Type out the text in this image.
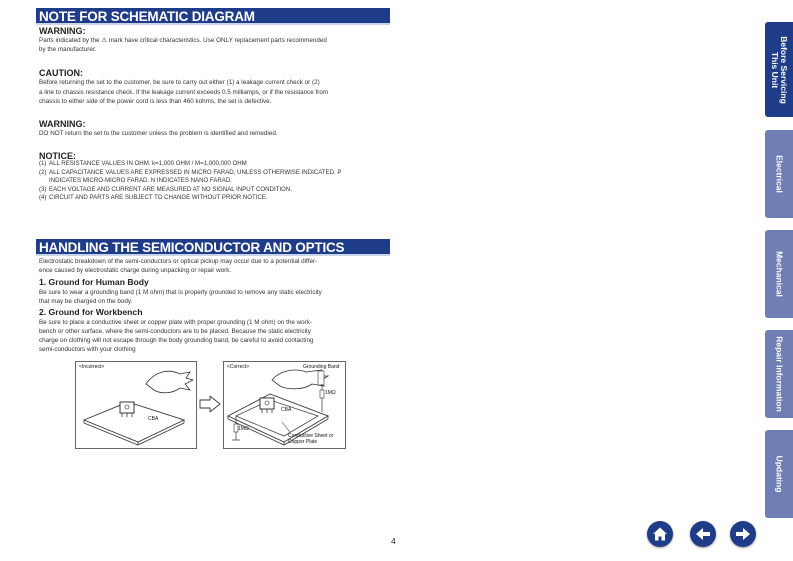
NOTE FOR SCHEMATIC DIAGRAM
WARNING:
Parts indicated by the ⚠ mark have critical characteristics. Use ONLY replacement parts recommended
by the manufacturer.
CAUTION:
Before returning the set to the customer, be sure to carry out either (1) a leakage current check or (2)
a line to chassis resistance check. If the leakage current exceeds 0.5 milliamps, or if the resistance from
chassis to either side of the power cord is less than 460 kohms, the set is defective.
WARNING:
DO NOT return the set to the customer unless the problem is identified and remedied.
NOTICE:
(1) ALL RESISTANCE VALUES IN OHM. k=1,000 OHM / M=1,000,000 OHM
(2) ALL CAPACITANCE VALUES ARE EXPRESSED IN MICRO FARAD, UNLESS OTHERWISE INDICATED. P
INDICATES MICRO-MICRO FARAD. N INDICATES NANO FARAD.
(3) EACH VOLTAGE AND CURRENT ARE MEASURED AT NO SIGNAL INPUT CONDITION.
(4) CIRCUIT AND PARTS ARE SUBJECT TO CHANGE WITHOUT PRIOR NOTICE.
HANDLING THE SEMICONDUCTOR AND OPTICS
Electrostatic breakdown of the semi-conductors or optical pickup may occur due to a potential differ-
ence caused by electrostatic charge during unpacking or repair work.
1. Ground for Human Body
Be sure to wear a grounding band (1 M ohm) that is properly grounded to remove any static electricity
that may be charged on the body.
2. Ground for Workbench
Be sure to place a conductive sheet or copper plate with proper grounding (1 M ohm) on the work-
bench or other surface, where the semi-conductors are to be placed. Because the static electricity
charge on clothing will not escape through the body grounding band, be careful to avoid contacting
semi-conductors with your clothing
<Incorrect>
CBA
<Correct>	Grounding Band
CBA
1MΩ
1MΩ
Conductive Sheet or
Copper Plate
Before Servicing
This Unit
Electrical
Mechanical
Repair Information
Updating
4
